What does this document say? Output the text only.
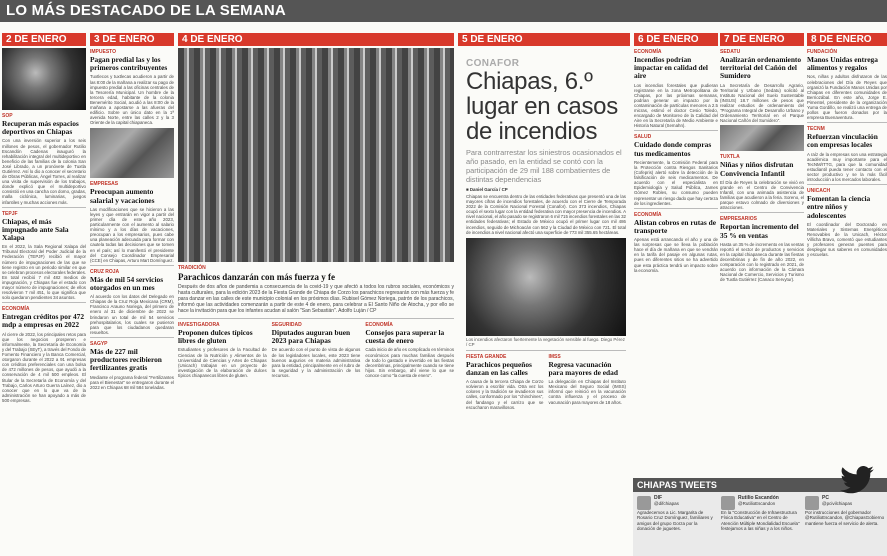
LO MÁS DESTACADO DE LA SEMANA
2 DE ENERO
SOP
Recuperan más espacios deportivos en Chiapas
Con una inversión superior a los seis millones de pesos, el gobernador Rutilio Escandón Cadenas inauguró la rehabilitación integral del multideportivo en beneficio de las familias de la colonia San José Librado, a un pronóvete de Tuxtla Gutiérrez. Así lo dio a conocer el secretario de Obras Públicas, Ángel Torres, al realizar una visita de supervisión de los trabajos, donde explicó que el multideportivo consistió en una cancha con domo, gradas, malla ciclónica, luminarias, juegos infantiles y muchas acciones más.
TEPJF
Chiapas, el más impugnado ante Sala Xalapa
En el 2022, la Sala Regional Xalapa del Tribunal Electoral del Poder Judicial de la Federación (TEPJF) recibió el mayor número de impugnaciones de las que se tiene registro en un periodo similar en que se celebran procesos electorales federales. En total recibió 7 mil 482 medios de impugnación, y Chiapas fue el estado con mayor número de impugnaciones; de ellos resolvieron 7 mil 451, lo que significa que solo quedaron pendientes 34 asuntos.
ECONOMÍA
Entregan créditos por 472 mdp a empresas en 2022
Al cierre de 2022, los principales retos para que los negocios prosperen e informalmente, la Secretaría de Economía y del Trabajo (SEyT), a través del Fondo de Fomento Financiero y la Banca Comercial, otorgaron durante el 2022 a 91 empresas con créditos preferenciales con una bolsa de 472 millones de pesos, que ayudó a la conservación de 4 mil 500 empleos. El titular de la Secretaría de Economía y del Trabajo, Carlos Arturo Guerra Laínez, dio a conocer que en lo que va de la administración se han apoyado a más de 500 empresas.
3 DE ENERO
IMPUESTO
Pagan predial las y los primeros contribuyentes
Tuxtlecos y tuxtlecas acudieron a partir de las 8:00 de la mañana a realizar su pago de impuesto predial a las oficinas centrales de la Tesorería Municipal. Un hombre de la tercera edad, habitante de la colonia Benemérito Social, acudió a las 8:00 de la mañana a apostarse a las afueras del edificio. Sobre un único dato en la 1ª avenida Norte, entre las calles 2 y la 3 Oriente de la capital chiapaneca.
EMPRESAS
Preocupan aumento salarial y vacaciones
Las modificaciones que se hicieron a las leyes y que entrarán en vigor a partir del primer día de este año 2023, particularmente con el aumento al salario mínimo y a los días de vacaciones, preocupan a los empresarios, pues cabe una planeación adecuada para formar con cautela todas las decisiones que se tomen en el país; así lo manifestó el presidente del Consejo Coordinador Empresarial (CCE) en Chiapas, Arturo Mart Domínguez.
CRUZ ROJA
Más de mil 54 servicios otorgados en un mes
Al acuerdo con los datos del Delegado en Chiapas de la Cruz Roja Mexicana (CRM), Francisco Arauno Noriega, del primero de enero al 31 de diciembre de 2022 se brindaron un total de mil 54 servicios prehospitalarios, los cuales se pusieron para que los ciudadanos quedaran resueltos.
SAGYP
Más de 227 mil productores recibieron fertilizantes gratis
Mediante el programa federal "Fertilizantes para el Bienestar" se entregaron durante el 2022 en Chiapas 68 mil 584 toneladas.
4 DE ENERO
TRADICIÓN
Parachicos danzarán con más fuerza y fe
Después de dos años de pandemia a consecuencia de la covid-19 y que afectó a todos los rubros sociales, económicos y hasta culturales, para la edición 2023 de la Fiesta Grande de Chiapa de Corzo los parachicos regresarán con más fuerza y fe para danzar en las calles de este municipio colonial en los próximos días. Rubisel Gómez Noriega, patrón de los parachicos, informó que las actividades comenzarán a partir de este 4 de enero, para celebrar a El Santo Niño de Atocha, y por ello se hace la invitación para que los infantes acudan al salón "San Sebastián". Adolfo Luján / CP
INVESTIGADORA
Proponen dulces típicos libres de gluten
Estudiantes y profesores de la Facultad de Ciencias de la Nutrición y Alimentos de la Universidad de Ciencias y Artes de Chiapas (Unicach) trabajan en un proyecto de investigación de la elaboración de dulces típicos chiapanecos libres de gluten.
SEGURIDAD
Diputados auguran buen 2023 para Chiapas
De acuerdo con el punto de vista de algunos de los legisladores locales, este 2023 tiene buenos augurios en materia administrativa para la entidad, principalmente en el rubro de la seguridad y la administración de los recursos.
ECONOMÍA
Consejos para superar la cuesta de enero
Cada inicio de año es complicado en términos económicos para muchas familias después de todo lo gastado e invertido en las fiestas decembrinas, principalmente cuando se tiene hijos. Sin embargo, ahí viene lo que se conoce como "la cuesta de enero".
5 DE ENERO
CONAFOR
Chiapas, 6.º lugar en casos de incendios
Para contrarrestar los siniestros ocasionados el año pasado, en la entidad se contó con la participación de 29 mil 188 combatientes de distintas dependencias
■ Daniel García / CP
Chiapas se encuentra dentro de las entidades federativas que presentó una de las mayores cifras de incendios forestales, de acuerdo con el Cierre de Temporada 2022 de la Comisión Nacional Forestal (Conafor). Con 373 incendios, Chiapas ocupó el sexto lugar con la entidad federativa con mayor presencia de incendios. A nivel nacional, el año pasado se registraron 6 mil 715 incendios forestales en las 32 entidades federativas; el Estado de México ocupó el primer lugar con mil 486 incendios, seguido de Michoacán con 562 y la Ciudad de México con 721. El total de incendios a nivel nacional afectó una superficie de 773 mil 355.65 hectáreas.
Los incendios afectaron fuertemente la vegetación sensible al fuego. Diego Pérez / CP
FIESTA GRANDE
Parachicos pequeños danzan en las calles
A causa de la tercera Chiapa de Corzo volvieron a escribir vida. Otra vez los colores y la tradición se invadieron sus calles, conformado por los "chinchines", del fandango y el carrizo que se escucharon maravillosos.
IMSS
Regresa vacunación para mayores de edad
La delegación en Chiapas del Instituto Mexicano del Seguro Social (IMSS) informó que reinició en la vacunación contra influenza y el proceso de vacunación para mayores de 18 años.
6 DE ENERO
ECONOMÍA
Incendios podrían impactar en calidad del aire
Los incendios forestales que pudieran registrarse en la zona Metropolitana de Chiapas, por las próximas semanas, podrían generar un impacto por la contaminación de partículas menores a 2.5 micras, estimó el doctor Cesio Toledo, encargado de Monitoreo de la Calidad del Aire en la Secretaría de Medio Ambiente e Historia Natural (Semahn).
SALUD
Cuidado donde compras tus medicamentos
Recientemente, la Comisión Federal para la Protección contra Riesgos Sanitarios (Cofepris) alertó sobre la detección de la falsificación de seis medicamentos. De acuerdo con el especialista en Epidemiología y Salud Pública, James Gómez Robles, su consumo pueden representar un riesgo dado que hay certeza de los ingredientes.
ECONOMÍA
Alistan cobros en rutas de transporte
Apenas está arrancando el año y una de las sorpresas que se lleva la población hace el día de mañana en que se vendrán en la tarifa del pasaje en algunas rutas, pues en diferentes sitios se ha advertido que esta práctica tendrá un impacto sobre la economía.
7 DE ENERO
SEDATU
Analizarán ordenamiento territorial del Cañón del Sumidero
La Secretaría de Desarrollo Agrario, Territorial y Urbano (Sedatu) solicitó al Instituto Nacional del Suelo Sustentable (INSUS) 18.7 millones de pesos que realizar estudios de ordenamiento del "Programa Integral de Desarrollo Urbano y Ordenamiento Territorial en el Parque Nacional Cañón del Sumidero".
TUXTLA
Niñas y niños disfrutan Convivencia Infantil
El Día de Reyes la celebración se vivió en grande en el Centro de Convivencia Infantil, con una animada asistencia de familias que acudieron a la feria. Soreno, el parque estuvo colmado de diversiones y atracciones.
EMPRESARIOS
Reportan incremento del 35 % en ventas
Hasta un 35 % de incremento en las ventas reportó el sector de productos y servicios en la capital chiapaneca durante las fiestas decembrinas y de fin de año 2022, en comparación con lo registrado en 2021, de acuerdo con información de la Cámara Nacional de Comercio, Servicios y Turismo de Tuxtla Gutiérrez (Canaco Servytur).
8 DE ENERO
FUNDACIÓN
Manos Unidas entrega alimentos y regalos
Nos, niñas y adultos disfrutaron de las celebraciones del Día de Reyes que organizó la Fundación Manos Unidas por Chiapas en diferentes comunidades de Berriozábal. En este año, Jorge E. Pimentel, presidente de la organización Yuma Gordillo, se realizó una entrega de pollos que fueron donados por la empresa Buenaventura.
TECNM
Refuerzan vinculación con empresas locales
A raíz de la empresas son una estrategia académica muy importante para el TecNM/ITTG, para que la comunidad estudiantil pueda tener contacto con el sector productivo y se la más fácil introducción a los mercados laborales.
UNICACH
Fomentan la ciencia entre niños y adolescentes
El coordinador del Doctorado en Materiales y Sistemas Energéticos Renovables de la Unicach, Héctor Villicha Bravo, comentó que estudiantes y profesores generan puentes para desplegar sus saberes en comunidades y escuelas.
CHIAPAS TWEETS
DIF
@difchiapas
Agradecemos a Lic. Margarita de Rosario Cruz Domínguez, familiares y amigos del grupo Gorza por la donación de juguetes.
Rutilio Escandón
@RutilioEscandon
En la "Construcción de Infraestructura Física Educativa" en el Centro de Atención Múltiple Mondialidad Escuela" festejamos a las niñas y a los niños.
PC
@pcivilchiapas
Por instrucciones del gobernador @RutilioEscandon, @ChiapasGobierno mantiene fuerza el servicio de alerta.
